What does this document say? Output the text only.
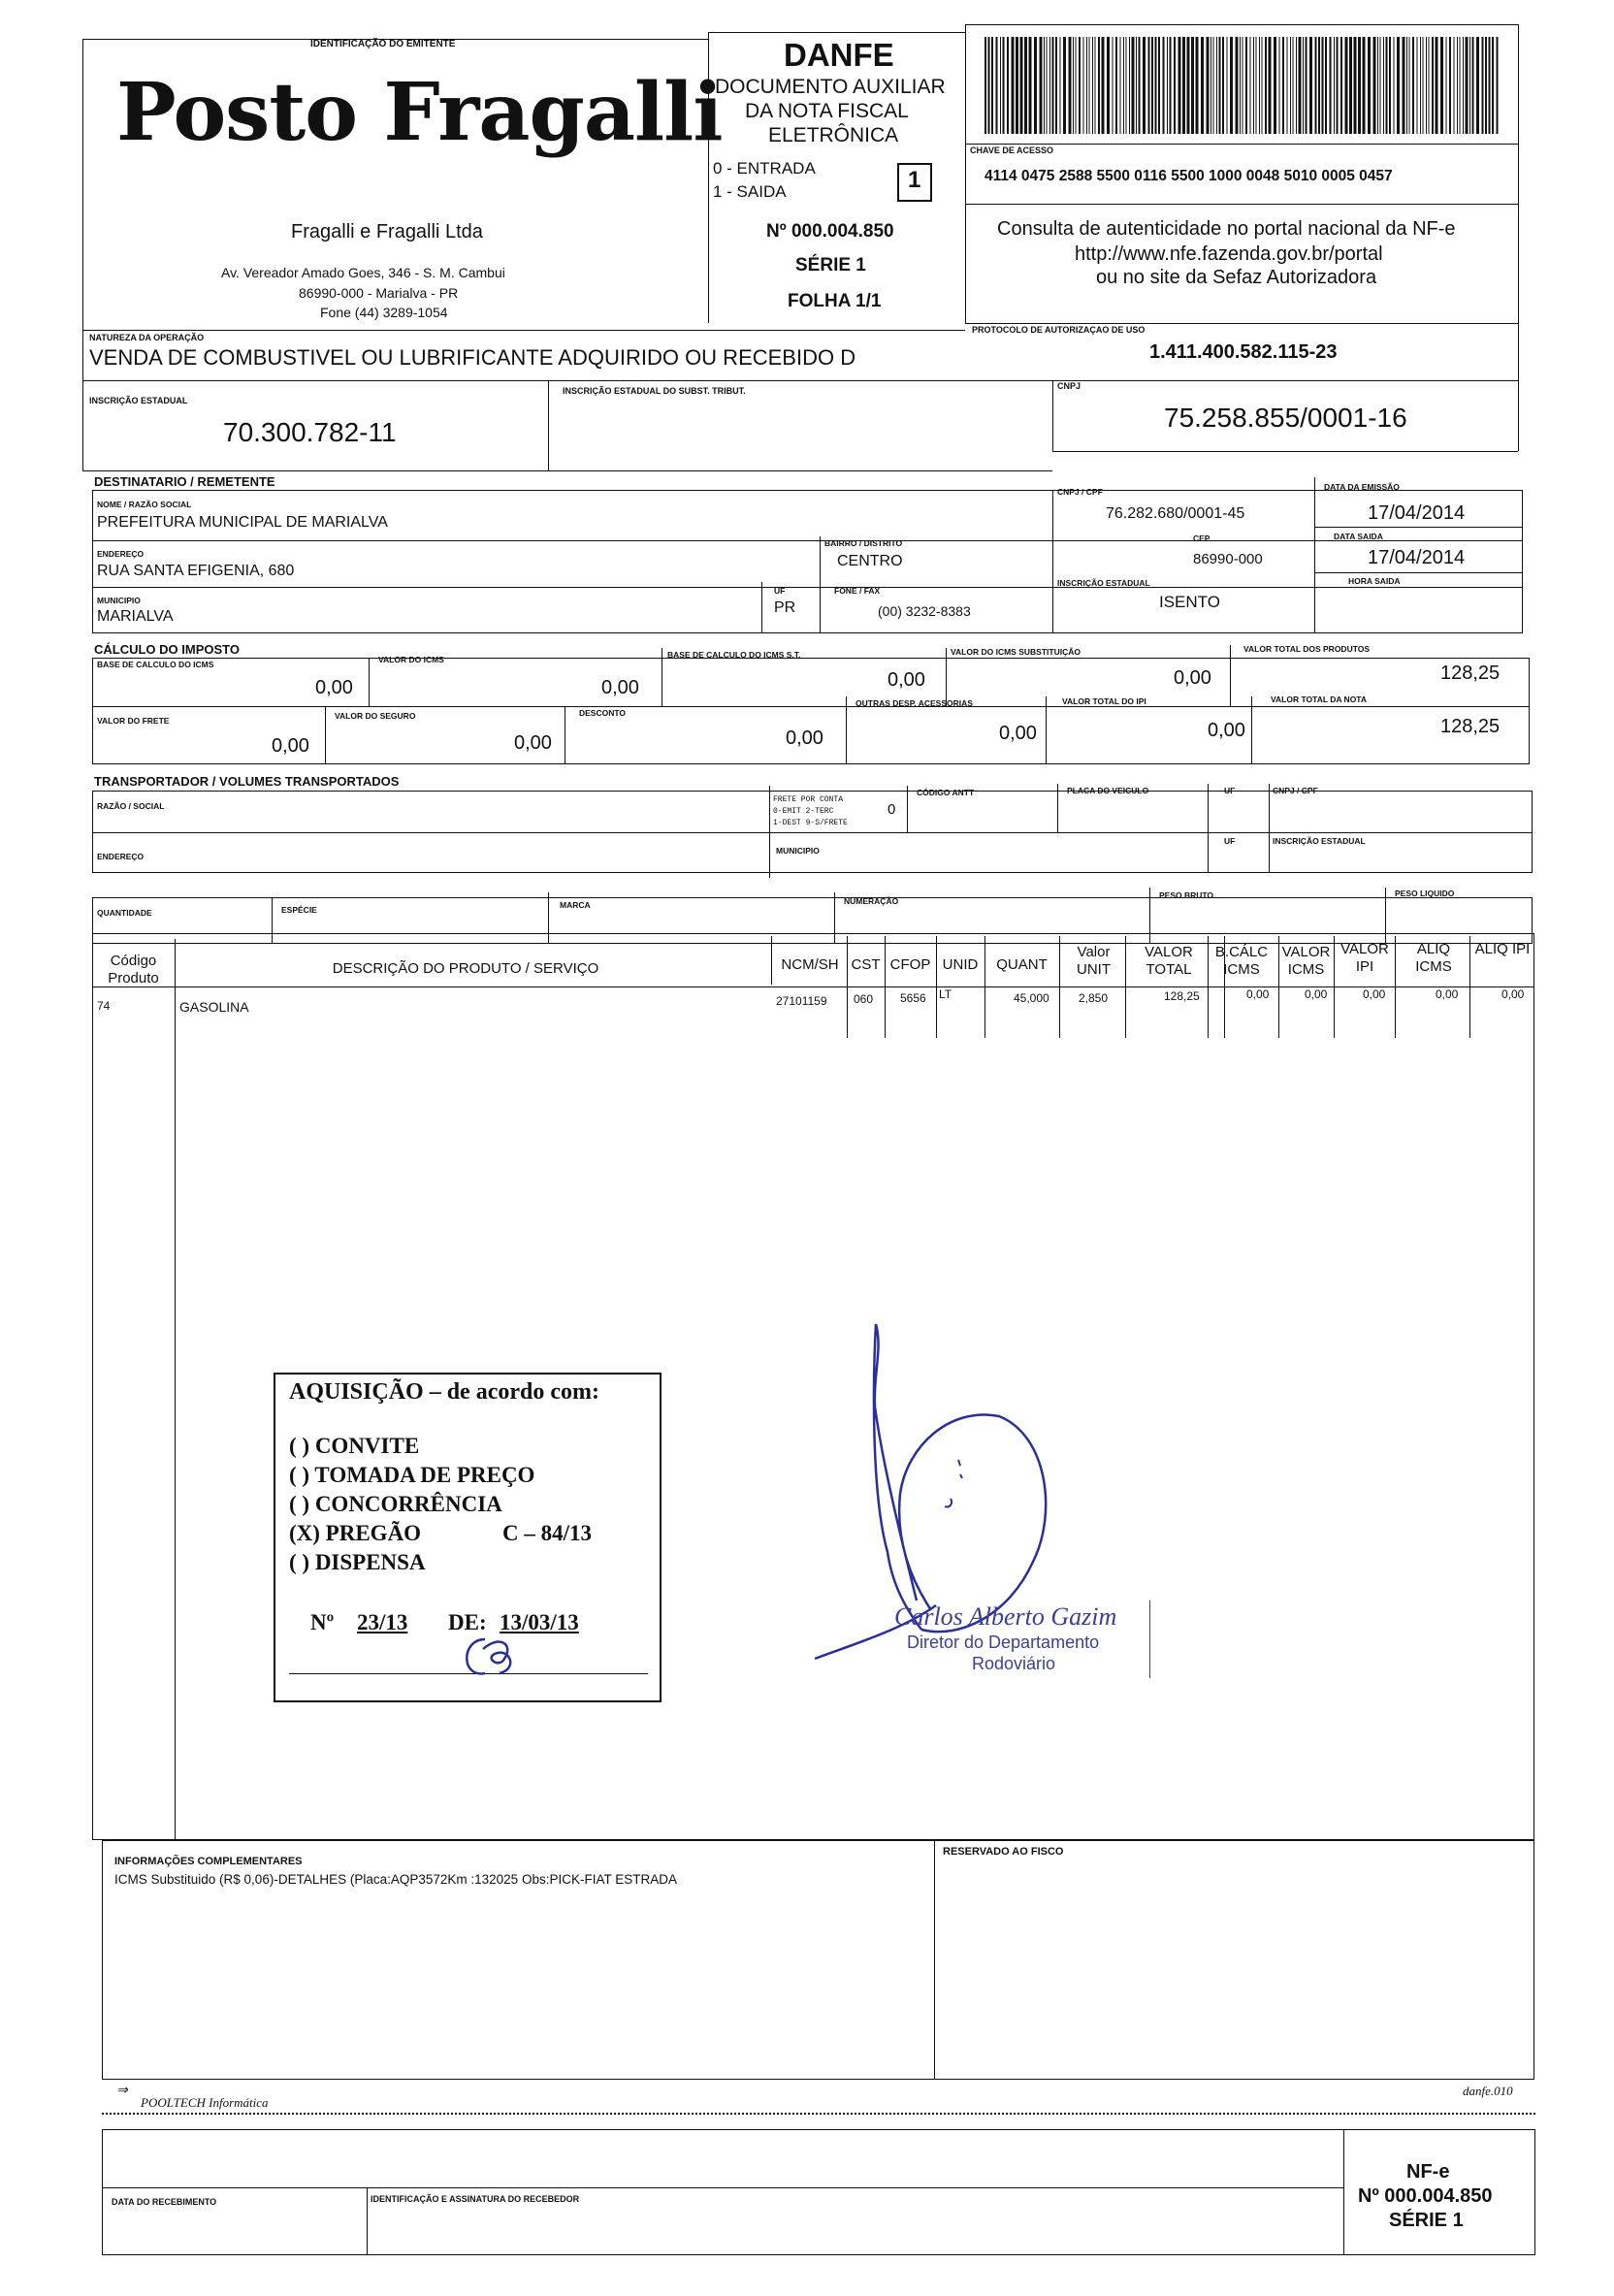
IDENTIFICAÇÃO DO EMITENTE
Posto Fragalli
Fragalli e Fragalli Ltda
Av. Vereador Amado Goes, 346 - S. M. Cambui
86990-000 - Marialva - PR
Fone (44) 3289-1054
DANFE
DOCUMENTO AUXILIAR
DA NOTA FISCAL
ELETRÔNICA
0 - ENTRADA
1 - SAIDA	1
Nº 000.004.850
SÉRIE 1
FOLHA 1/1
CHAVE DE ACESSO
4114 0475 2588 5500 0116 5500 1000 0048 5010 0005 0457
Consulta de autenticidade no portal nacional da NF-e
http://www.nfe.fazenda.gov.br/portal
ou no site da Sefaz Autorizadora
NATUREZA DA OPERAÇÃO
VENDA DE COMBUSTIVEL OU LUBRIFICANTE ADQUIRIDO OU RECEBIDO D
PROTOCOLO DE AUTORIZAÇAO DE USO
1.411.400.582.115-23
INSCRIÇÃO ESTADUAL
70.300.782-11
INSCRIÇÃO ESTADUAL DO SUBST. TRIBUT.	CNPJ
75.258.855/0001-16
DESTINATARIO / REMETENTE
NOME / RAZÃO SOCIAL
PREFEITURA MUNICIPAL DE MARIALVA
CNPJ / CPF
76.282.680/0001-45
DATA DA EMISSÃO
17/04/2014
ENDEREÇO
RUA SANTA EFIGENIA, 680
BAIRRO / DISTRITO
CENTRO
CEP
86990-000
DATA SAIDA
17/04/2014
MUNICIPIO
MARIALVA
UF
PR
FONE / FAX
(00) 3232-8383
INSCRIÇÃO ESTADUAL
ISENTO
HORA SAIDA
CÁLCULO DO IMPOSTO
BASE DE CALCULO DO ICMS
0,00
VALOR DO ICMS
0,00
BASE DE CALCULO DO ICMS S.T.
0,00
VALOR DO ICMS SUBSTITUIÇÃO
0,00
VALOR TOTAL DOS PRODUTOS
128,25
VALOR DO FRETE
0,00
VALOR DO SEGURO
0,00
DESCONTO
0,00
OUTRAS DESP. ACESSORIAS
0,00
VALOR TOTAL DO IPI
0,00
VALOR TOTAL DA NOTA
128,25
TRANSPORTADOR / VOLUMES TRANSPORTADOS
RAZÃO / SOCIAL
FRETE POR CONTA
0-EMIT 2-TERC
1-DEST 9-S/FRETE
0
CÓDIGO ANTT	PLACA DO VEICULO	UF	CNPJ / CPF
ENDEREÇO
MUNICIPIO
UF	INSCRIÇÃO ESTADUAL
QUANTIDADE	ESPÉCIE	MARCA	NUMERAÇÃO
PESO BRUTO	PESO LIQUIDO
Código Produto
DESCRIÇÃO DO PRODUTO / SERVIÇO	NCM/SH CST CFOP UNID	QUANT
Valor UNIT
VALOR TOTAL
B.CÁLC ICMS
VALOR ICMS
VALOR IPI
ALIQ ICMS
ALIQ IPI
74	GASOLINA	27101159 060 5656 LT	45,000	2,850	128,25	0,00	0,00	0,00	0,00	0,00
AQUISIÇÃO – de acordo com:
( ) CONVITE
( ) TOMADA DE PREÇO
( ) CONCORRÊNCIA
(X) PREGÃO	C – 84/13
( ) DISPENSA
Nº 23/13 DE: 13/03/13	Carlos Alberto Gazim
Diretor do Departamento
Rodoviário
INFORMAÇÕES COMPLEMENTARES
ICMS Substituido (R$ 0,06)-DETALHES (Placa:AQP3572Km :132025 Obs:PICK-FIAT ESTRADA
RESERVADO AO FISCO
⇒
POOLTECH Informática
danfe.010
DATA DO RECEBIMENTO	IDENTIFICAÇÃO E ASSINATURA DO RECEBEDOR
NF-e
Nº 000.004.850
SÉRIE 1
